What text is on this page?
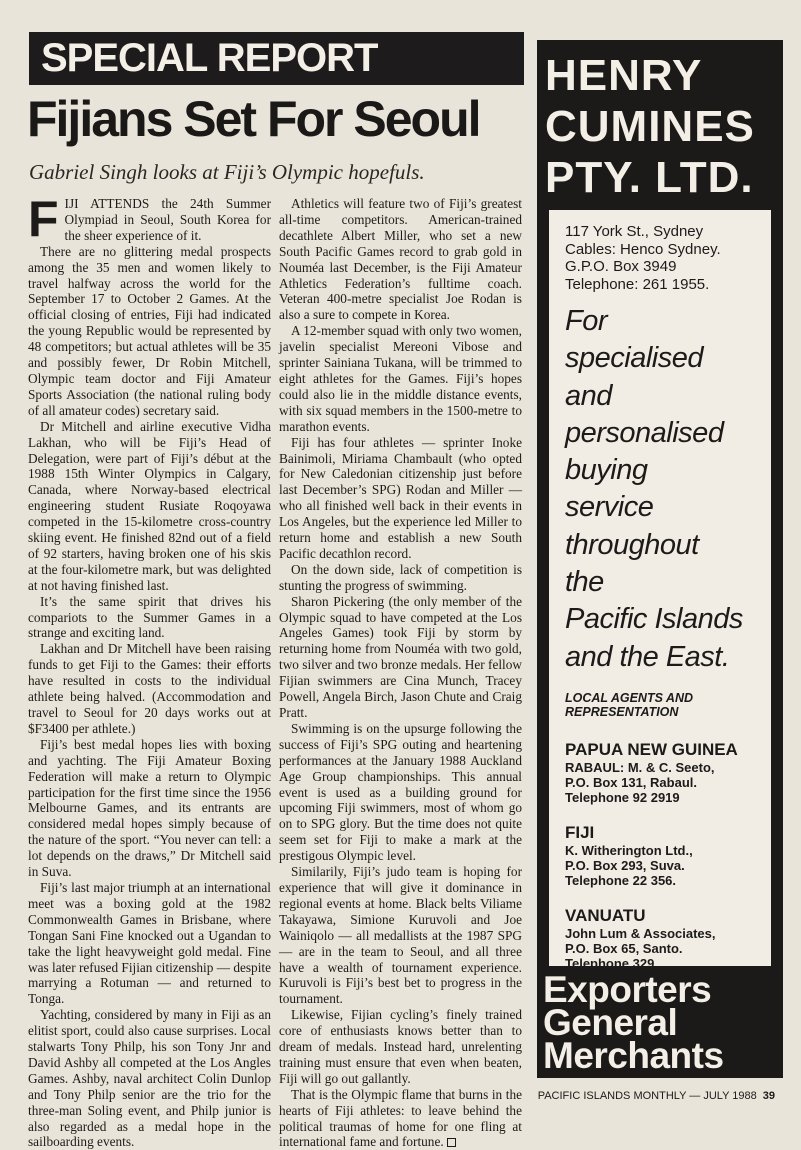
SPECIAL REPORT
Fijians Set For Seoul
Gabriel Singh looks at Fiji’s Olympic hopefuls.

FIJI ATTENDS the 24th Summer Olympiad in Seoul, South Korea for the sheer experience of it.

There are no glittering medal prospects among the 35 men and women likely to travel halfway across the world for the September 17 to October 2 Games. At the official closing of entries, Fiji had indicated the young Republic would be represented by 48 competitors; but actual athletes will be 35 and possibly fewer, Dr Robin Mitchell, Olympic team doctor and Fiji Amateur Sports Association (the national ruling body of all amateur codes) secretary said.

Dr Mitchell and airline executive Vidha Lakhan, who will be Fiji’s Head of Delegation, were part of Fiji’s début at the 1988 15th Winter Olympics in Calgary, Canada, where Norway-based electrical engineering student Rusiate Roqoyawa competed in the 15-kilometre cross-country skiing event. He finished 82nd out of a field of 92 starters, having broken one of his skis at the four-kilometre mark, but was delighted at not having finished last.

It’s the same spirit that drives his compariots to the Summer Games in a strange and exciting land.

Lakhan and Dr Mitchell have been raising funds to get Fiji to the Games: their efforts have resulted in costs to the individual athlete being halved. (Accommodation and travel to Seoul for 20 days works out at $F3400 per athlete.)

Fiji’s best medal hopes lies with boxing and yachting. The Fiji Amateur Boxing Federation will make a return to Olympic participation for the first time since the 1956 Melbourne Games, and its entrants are considered medal hopes simply because of the nature of the sport. “You never can tell: a lot depends on the draws,” Dr Mitchell said in Suva.

Fiji’s last major triumph at an international meet was a boxing gold at the 1982 Commonwealth Games in Brisbane, where Tongan Sani Fine knocked out a Ugandan to take the light heavyweight gold medal. Fine was later refused Fijian citizenship — despite marrying a Rotuman — and returned to Tonga.

Yachting, considered by many in Fiji as an elitist sport, could also cause surprises. Local stalwarts Tony Philp, his son Tony Jnr and David Ashby all competed at the Los Angles Games. Ashby, naval architect Colin Dunlop and Tony Philp senior are the trio for the three-man Soling event, and Philp junior is also regarded as a medal hope in the sailboarding events.

Athletics will feature two of Fiji’s greatest all-time competitors. American-trained decathlete Albert Miller, who set a new South Pacific Games record to grab gold in Nouméa last December, is the Fiji Amateur Athletics Federation’s fulltime coach. Veteran 400-metre specialist Joe Rodan is also a sure to compete in Korea.

A 12-member squad with only two women, javelin specialist Mereoni Vibose and sprinter Sainiana Tukana, will be trimmed to eight athletes for the Games. Fiji’s hopes could also lie in the middle distance events, with six squad members in the 1500-metre to marathon events.

Fiji has four athletes — sprinter Inoke Bainimoli, Miriama Chambault (who opted for New Caledonian citizenship just before last December’s SPG) Rodan and Miller — who all finished well back in their events in Los Angeles, but the experience led Miller to return home and establish a new South Pacific decathlon record.

On the down side, lack of competition is stunting the progress of swimming.

Sharon Pickering (the only member of the Olympic squad to have competed at the Los Angeles Games) took Fiji by storm by returning home from Nouméa with two gold, two silver and two bronze medals. Her fellow Fijian swimmers are Cina Munch, Tracey Powell, Angela Birch, Jason Chute and Craig Pratt.

Swimming is on the upsurge following the success of Fiji’s SPG outing and heartening performances at the January 1988 Auckland Age Group championships. This annual event is used as a building ground for upcoming Fiji swimmers, most of whom go on to SPG glory. But the time does not quite seem set for Fiji to make a mark at the prestigous Olympic level.

Similarily, Fiji’s judo team is hoping for experience that will give it dominance in regional events at home. Black belts Viliame Takayawa, Simione Kuruvoli and Joe Wainiqolo — all medallists at the 1987 SPG — are in the team to Seoul, and all three have a wealth of tournament experience. Kuruvoli is Fiji’s best bet to progress in the tournament.

Likewise, Fijian cycling’s finely trained core of enthusiasts knows better than to dream of medals. Instead hard, unrelenting training must ensure that even when beaten, Fiji will go out gallantly.

That is the Olympic flame that burns in the hearts of Fiji athletes: to leave behind the political traumas of home for one fling at international fame and fortune.

HENRY
CUMINES
PTY. LTD.
117 York St., Sydney
Cables: Henco Sydney.
G.P.O. Box 3949
Telephone: 261 1955.
For
specialised
and
personalised
buying
service
throughout
the
Pacific Islands
and the East.
LOCAL AGENTS AND
REPRESENTATION
PAPUA NEW GUINEA
RABAUL: M. & C. Seeto,
P.O. Box 131, Rabaul.
Telephone 92 2919
FIJI
K. Witherington Ltd.,
P.O. Box 293, Suva.
Telephone 22 356.
VANUATU
John Lum & Associates,
P.O. Box 65, Santo.
Telephone 329.
Exporters
General
Merchants
PACIFIC ISLANDS MONTHLY — JULY 1988 39
